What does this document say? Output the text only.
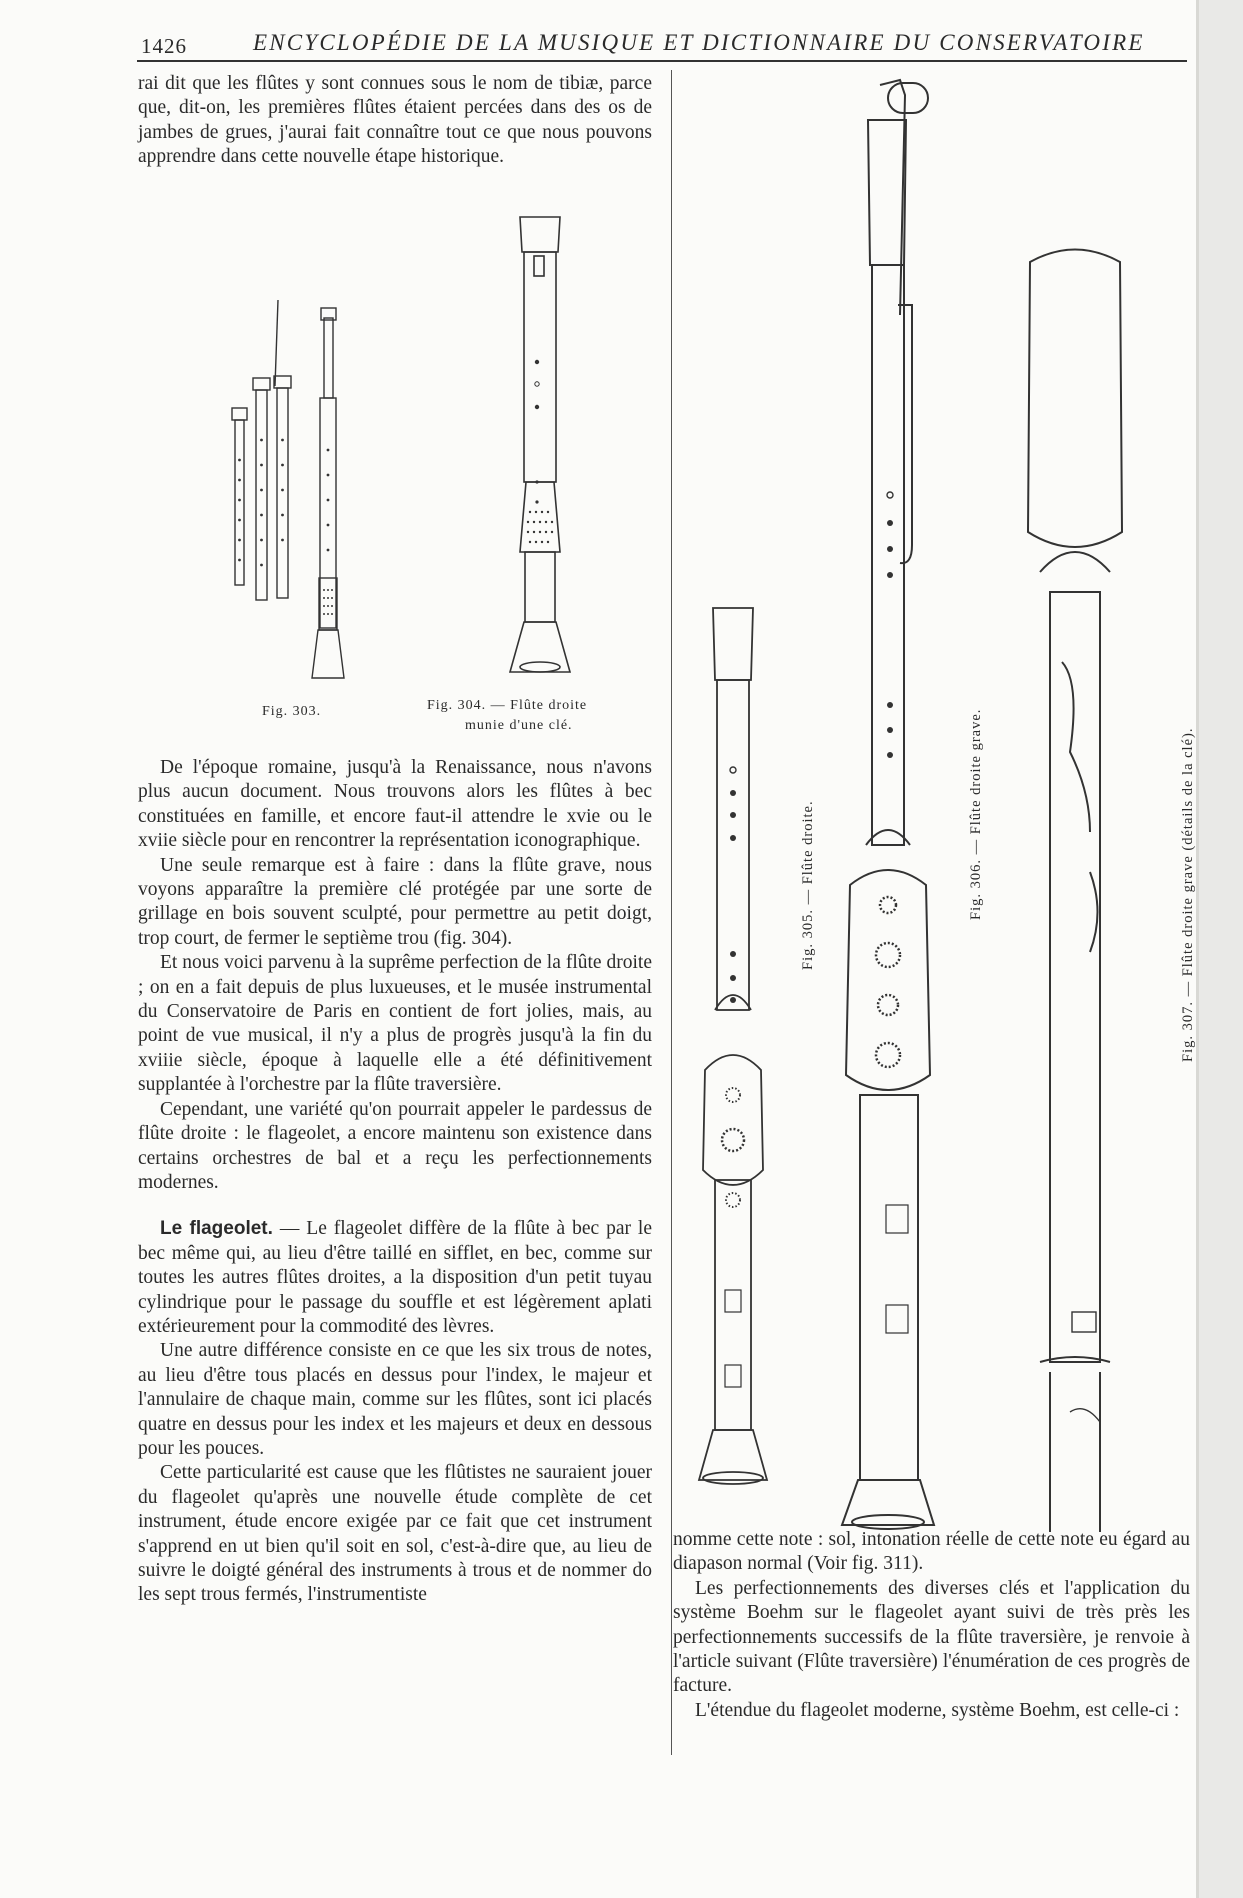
1426	ENCYCLOPÉDIE DE LA MUSIQUE ET DICTIONNAIRE DU CONSERVATOIRE

rai dit que les flûtes y sont connues sous le nom de tibiæ, parce que, dit-on, les premières flûtes étaient percées dans des os de jambes de grues, j'aurai fait connaître tout ce que nous pouvons apprendre dans cette nouvelle étape historique.

Fig. 303.	Fig. 304. — Flûte droite
munie d'une clé.

De l'époque romaine, jusqu'à la Renaissance, nous n'avons plus aucun document. Nous trouvons alors les flûtes à bec constituées en famille, et encore faut-il attendre le xvie ou le xviie siècle pour en rencontrer la représentation iconographique.

Une seule remarque est à faire : dans la flûte grave, nous voyons apparaître la première clé protégée par une sorte de grillage en bois souvent sculpté, pour permettre au petit doigt, trop court, de fermer le septième trou (fig. 304).

Et nous voici parvenu à la suprême perfection de la flûte droite ; on en a fait depuis de plus luxueuses, et le musée instrumental du Conservatoire de Paris en contient de fort jolies, mais, au point de vue musical, il n'y a plus de progrès jusqu'à la fin du xviiie siècle, époque à laquelle elle a été définitivement supplantée à l'orchestre par la flûte traversière.

Cependant, une variété qu'on pourrait appeler le pardessus de flûte droite : le flageolet, a encore maintenu son existence dans certains orchestres de bal et a reçu les perfectionnements modernes.

Le flageolet. — Le flageolet diffère de la flûte à bec par le bec même qui, au lieu d'être taillé en sifflet, en bec, comme sur toutes les autres flûtes droites, a la disposition d'un petit tuyau cylindrique pour le passage du souffle et est légèrement aplati extérieurement pour la commodité des lèvres.

Une autre différence consiste en ce que les six trous de notes, au lieu d'être tous placés en dessus pour l'index, le majeur et l'annulaire de chaque main, comme sur les flûtes, sont ici placés quatre en dessus pour les index et les majeurs et deux en dessous pour les pouces.

Cette particularité est cause que les flûtistes ne sauraient jouer du flageolet qu'après une nouvelle étude complète de cet instrument, étude encore exigée par ce fait que cet instrument s'apprend en ut bien qu'il soit en sol, c'est-à-dire que, au lieu de suivre le doigté général des instruments à trous et de nommer do les sept trous fermés, l'instrumentiste

Fig. 305. — Flûte droite.	Fig. 306. — Flûte droite grave.	Fig. 307. — Flûte droite grave (détails de la clé).

nomme cette note : sol, intonation réelle de cette note eu égard au diapason normal (Voir fig. 311).

Les perfectionnements des diverses clés et l'application du système Boehm sur le flageolet ayant suivi de très près les perfectionnements successifs de la flûte traversière, je renvoie à l'article suivant (Flûte traversière) l'énumération de ces progrès de facture.

L'étendue du flageolet moderne, système Boehm, est celle-ci :
